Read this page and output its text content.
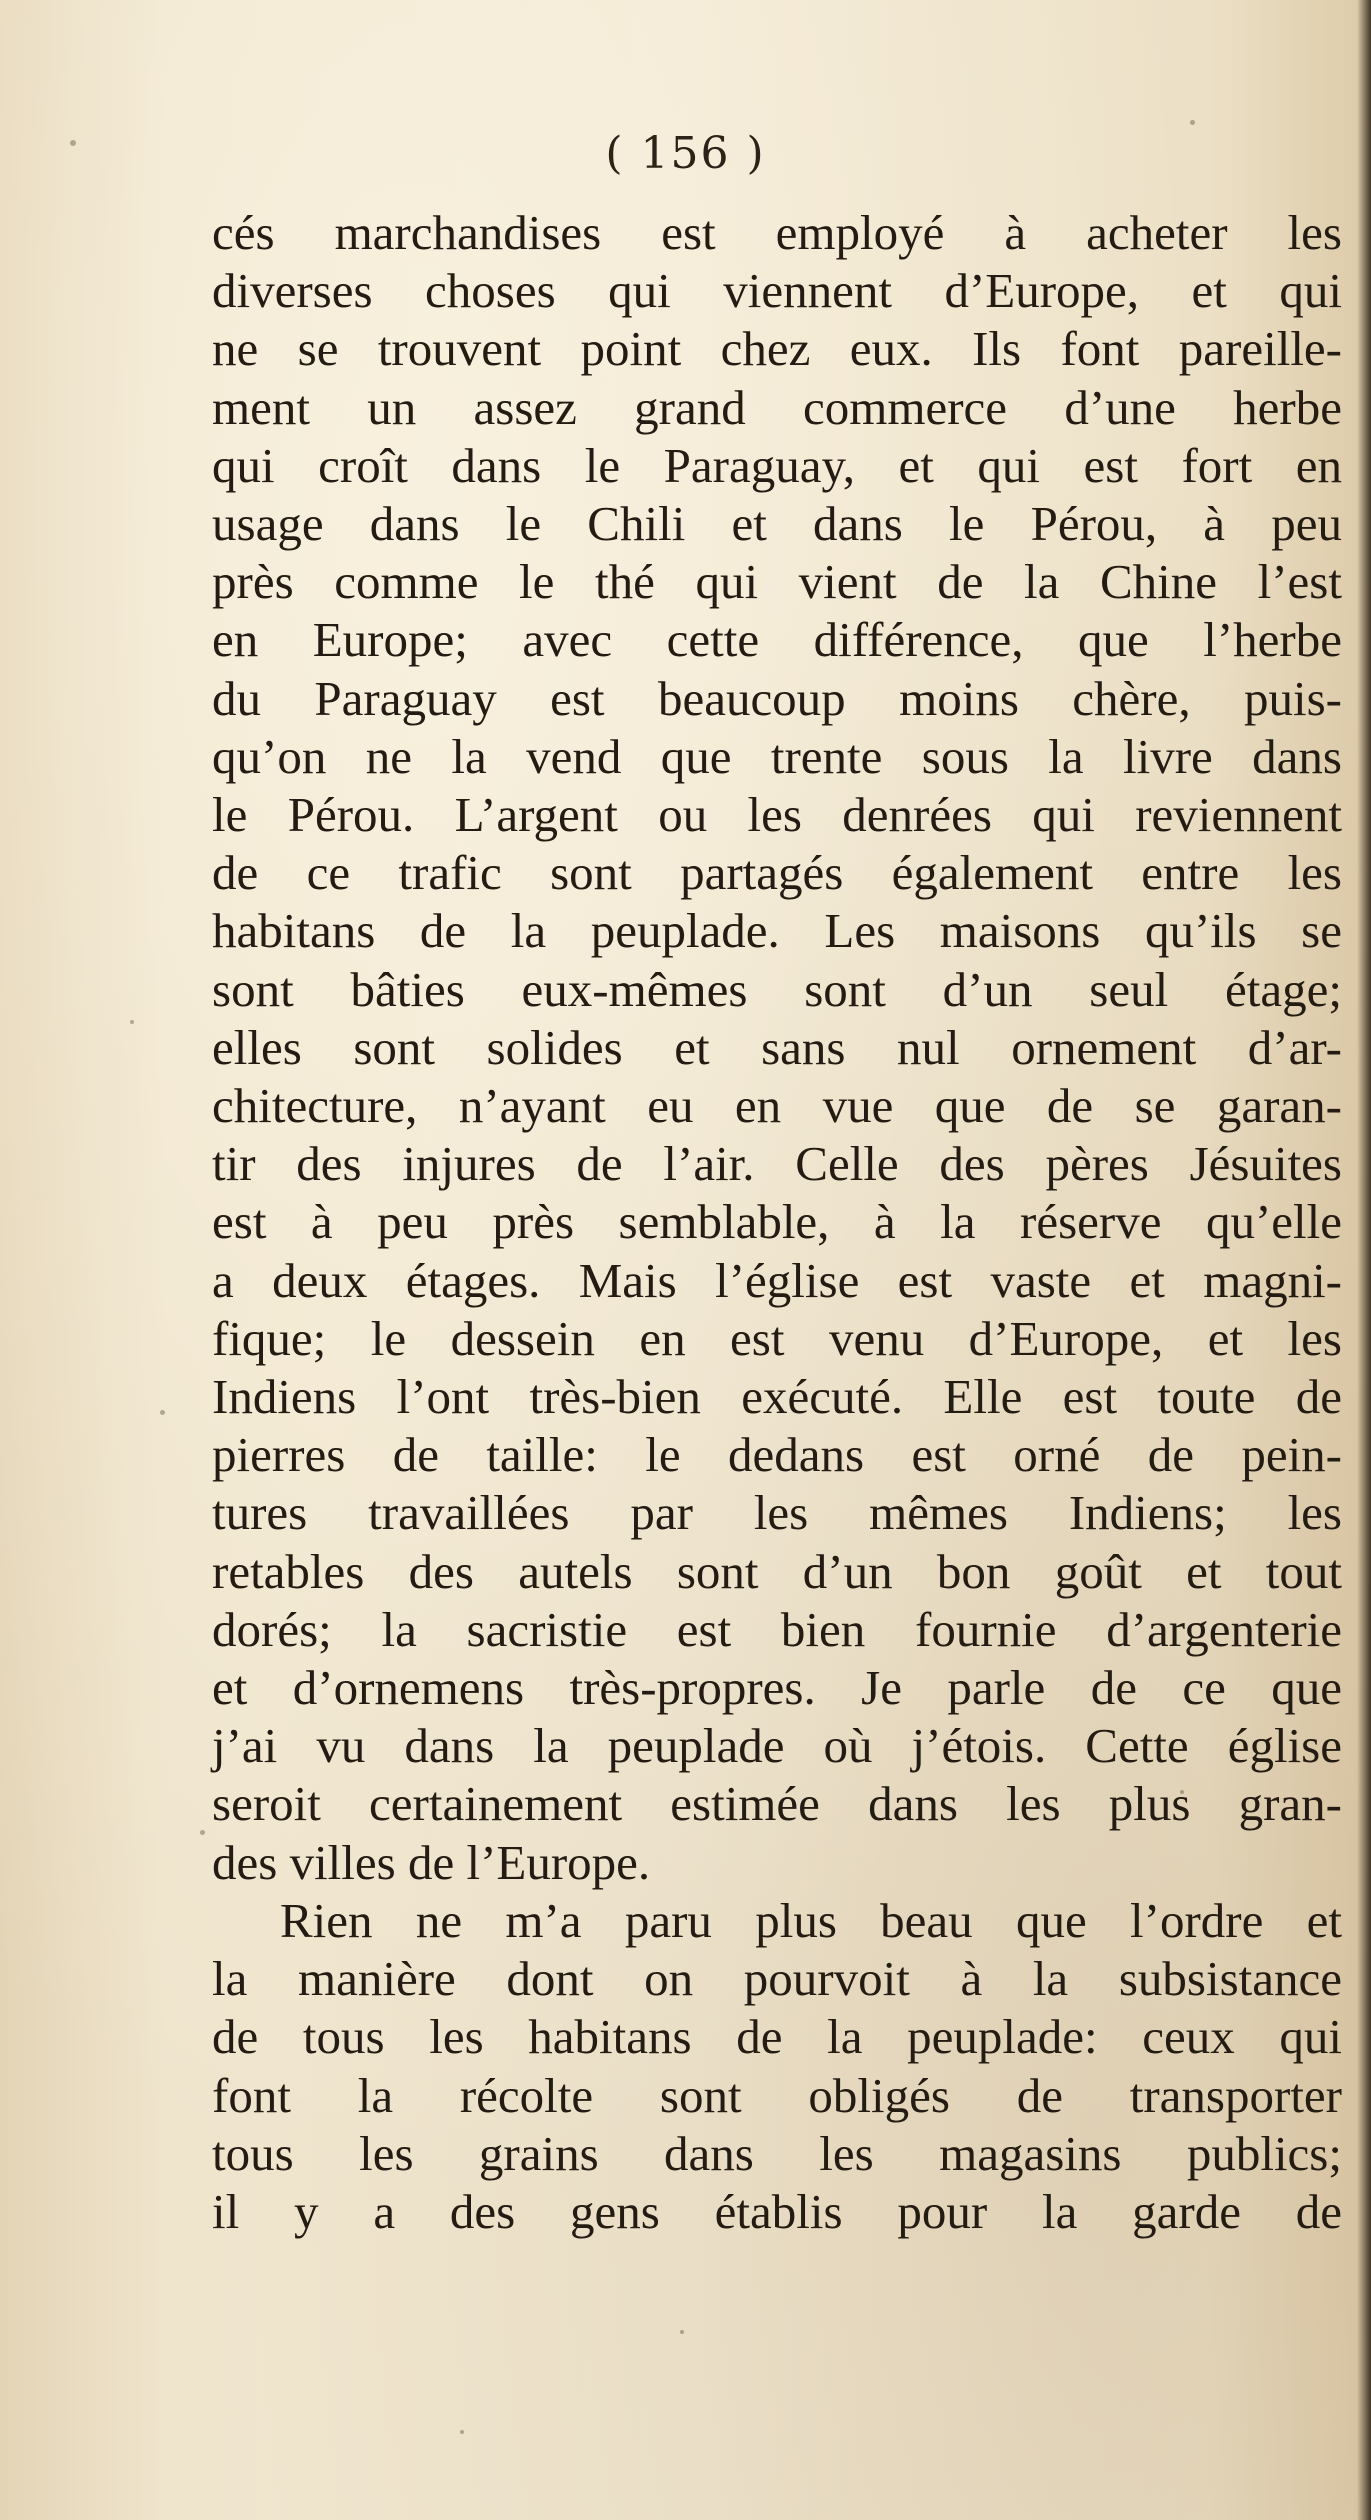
( 156 )
cés marchandises est employé à acheter les
diverses choses qui viennent d’Europe, et qui
ne se trouvent point chez eux. Ils font pareille-
ment un assez grand commerce d’une herbe
qui croît dans le Paraguay, et qui est fort en
usage dans le Chili et dans le Pérou, à peu
près comme le thé qui vient de la Chine l’est
en Europe; avec cette différence, que l’herbe
du Paraguay est beaucoup moins chère, puis-
qu’on ne la vend que trente sous la livre dans
le Pérou. L’argent ou les denrées qui reviennent
de ce trafic sont partagés également entre les
habitans de la peuplade. Les maisons qu’ils se
sont bâties eux-mêmes sont d’un seul étage;
elles sont solides et sans nul ornement d’ar-
chitecture, n’ayant eu en vue que de se garan-
tir des injures de l’air. Celle des pères Jésuites
est à peu près semblable, à la réserve qu’elle
a deux étages. Mais l’église est vaste et magni-
fique; le dessein en est venu d’Europe, et les
Indiens l’ont très-bien exécuté. Elle est toute de
pierres de taille: le dedans est orné de pein-
tures travaillées par les mêmes Indiens; les
retables des autels sont d’un bon goût et tout
dorés; la sacristie est bien fournie d’argenterie
et d’ornemens très-propres. Je parle de ce que
j’ai vu dans la peuplade où j’étois. Cette église
seroit certainement estimée dans les plus gran-
des villes de l’Europe.
Rien ne m’a paru plus beau que l’ordre et
la manière dont on pourvoit à la subsistance
de tous les habitans de la peuplade: ceux qui
font la récolte sont obligés de transporter
tous les grains dans les magasins publics;
il y a des gens établis pour la garde de
